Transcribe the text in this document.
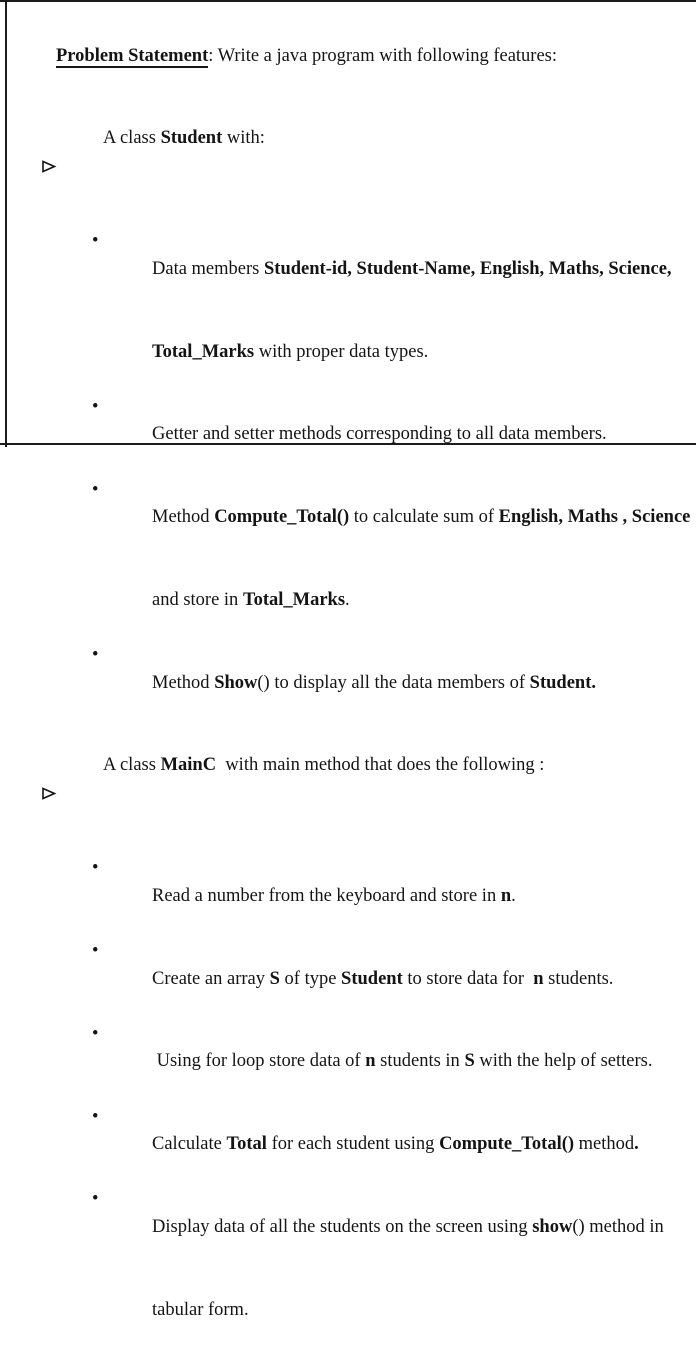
Problem Statement: Write a java program with following features:

A class Student with:

•

Data members Student-id, Student-Name, English, Maths, Science,

Total_Marks with proper data types.

•

Getter and setter methods corresponding to all data members.

•

Method Compute_Total() to calculate sum of English, Maths , Science

and store in Total_Marks.

•

Method Show() to display all the data members of Student.

A class MainC  with main method that does the following :

•

Read a number from the keyboard and store in n.

•

Create an array S of type Student to store data for  n students.

•

Using for loop store data of n students in S with the help of setters.

•

Calculate Total for each student using Compute_Total() method.

•

Display data of all the students on the screen using show() method in

tabular form.
